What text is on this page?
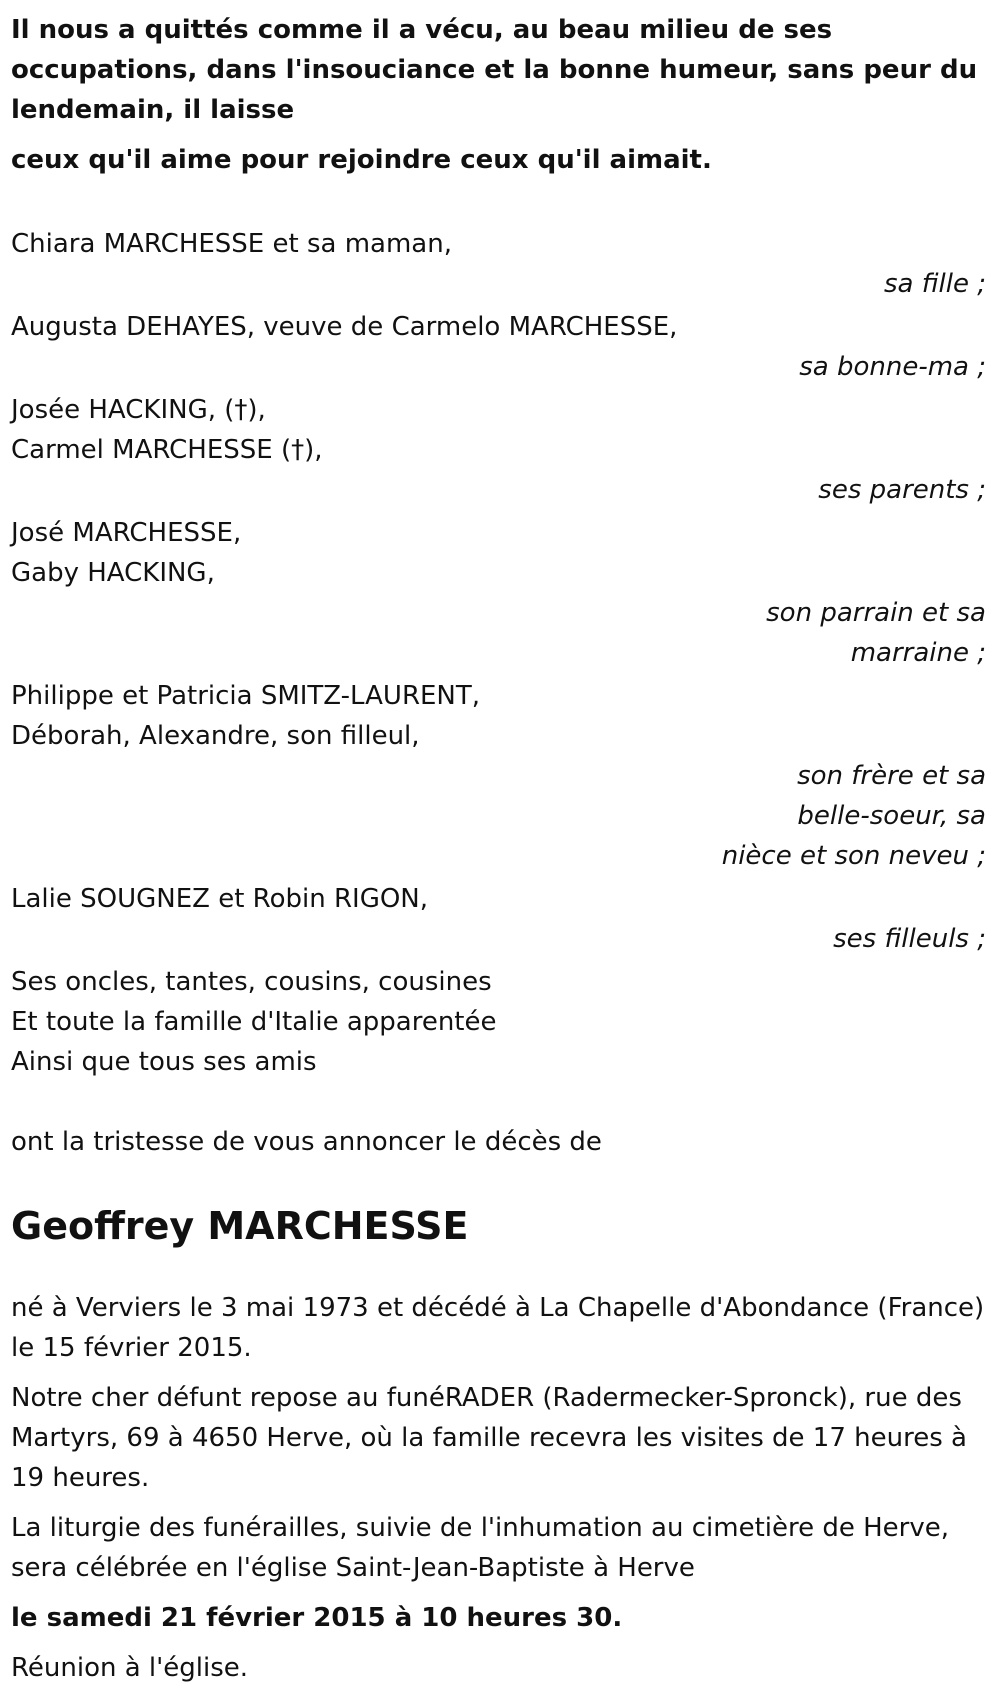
Il nous a quittés comme il a vécu, au beau milieu de ses occupations, dans l'insouciance et la bonne humeur, sans peur du lendemain, il laisse

ceux qu'il aime pour rejoindre ceux qu'il aimait.

Chiara MARCHESSE et sa maman,

sa fille ;

Augusta DEHAYES, veuve de Carmelo MARCHESSE,

sa bonne-ma ;

Josée HACKING, (†),

Carmel MARCHESSE (†),

ses parents ;

José MARCHESSE,

Gaby HACKING,

son parrain et sa
marraine ;

Philippe et Patricia SMITZ-LAURENT,

Déborah, Alexandre, son filleul,

son frère et sa
belle-soeur, sa
nièce et son neveu ;

Lalie SOUGNEZ et Robin RIGON,

ses filleuls ;

Ses oncles, tantes, cousins, cousines

Et toute la famille d'Italie apparentée

Ainsi que tous ses amis

ont la tristesse de vous annoncer le décès de

Geoffrey MARCHESSE

né à Verviers le 3 mai 1973 et décédé à La Chapelle d'Abondance (France) le 15 février 2015.

Notre cher défunt repose au funéRADER (Radermecker-Spronck), rue des Martyrs, 69 à 4650 Herve, où la famille recevra les visites de 17 heures à 19 heures.

La liturgie des funérailles, suivie de l'inhumation au cimetière de Herve, sera célébrée en l'église Saint-Jean-Baptiste à Herve

le samedi 21 février 2015 à 10 heures 30.

Réunion à l'église.
